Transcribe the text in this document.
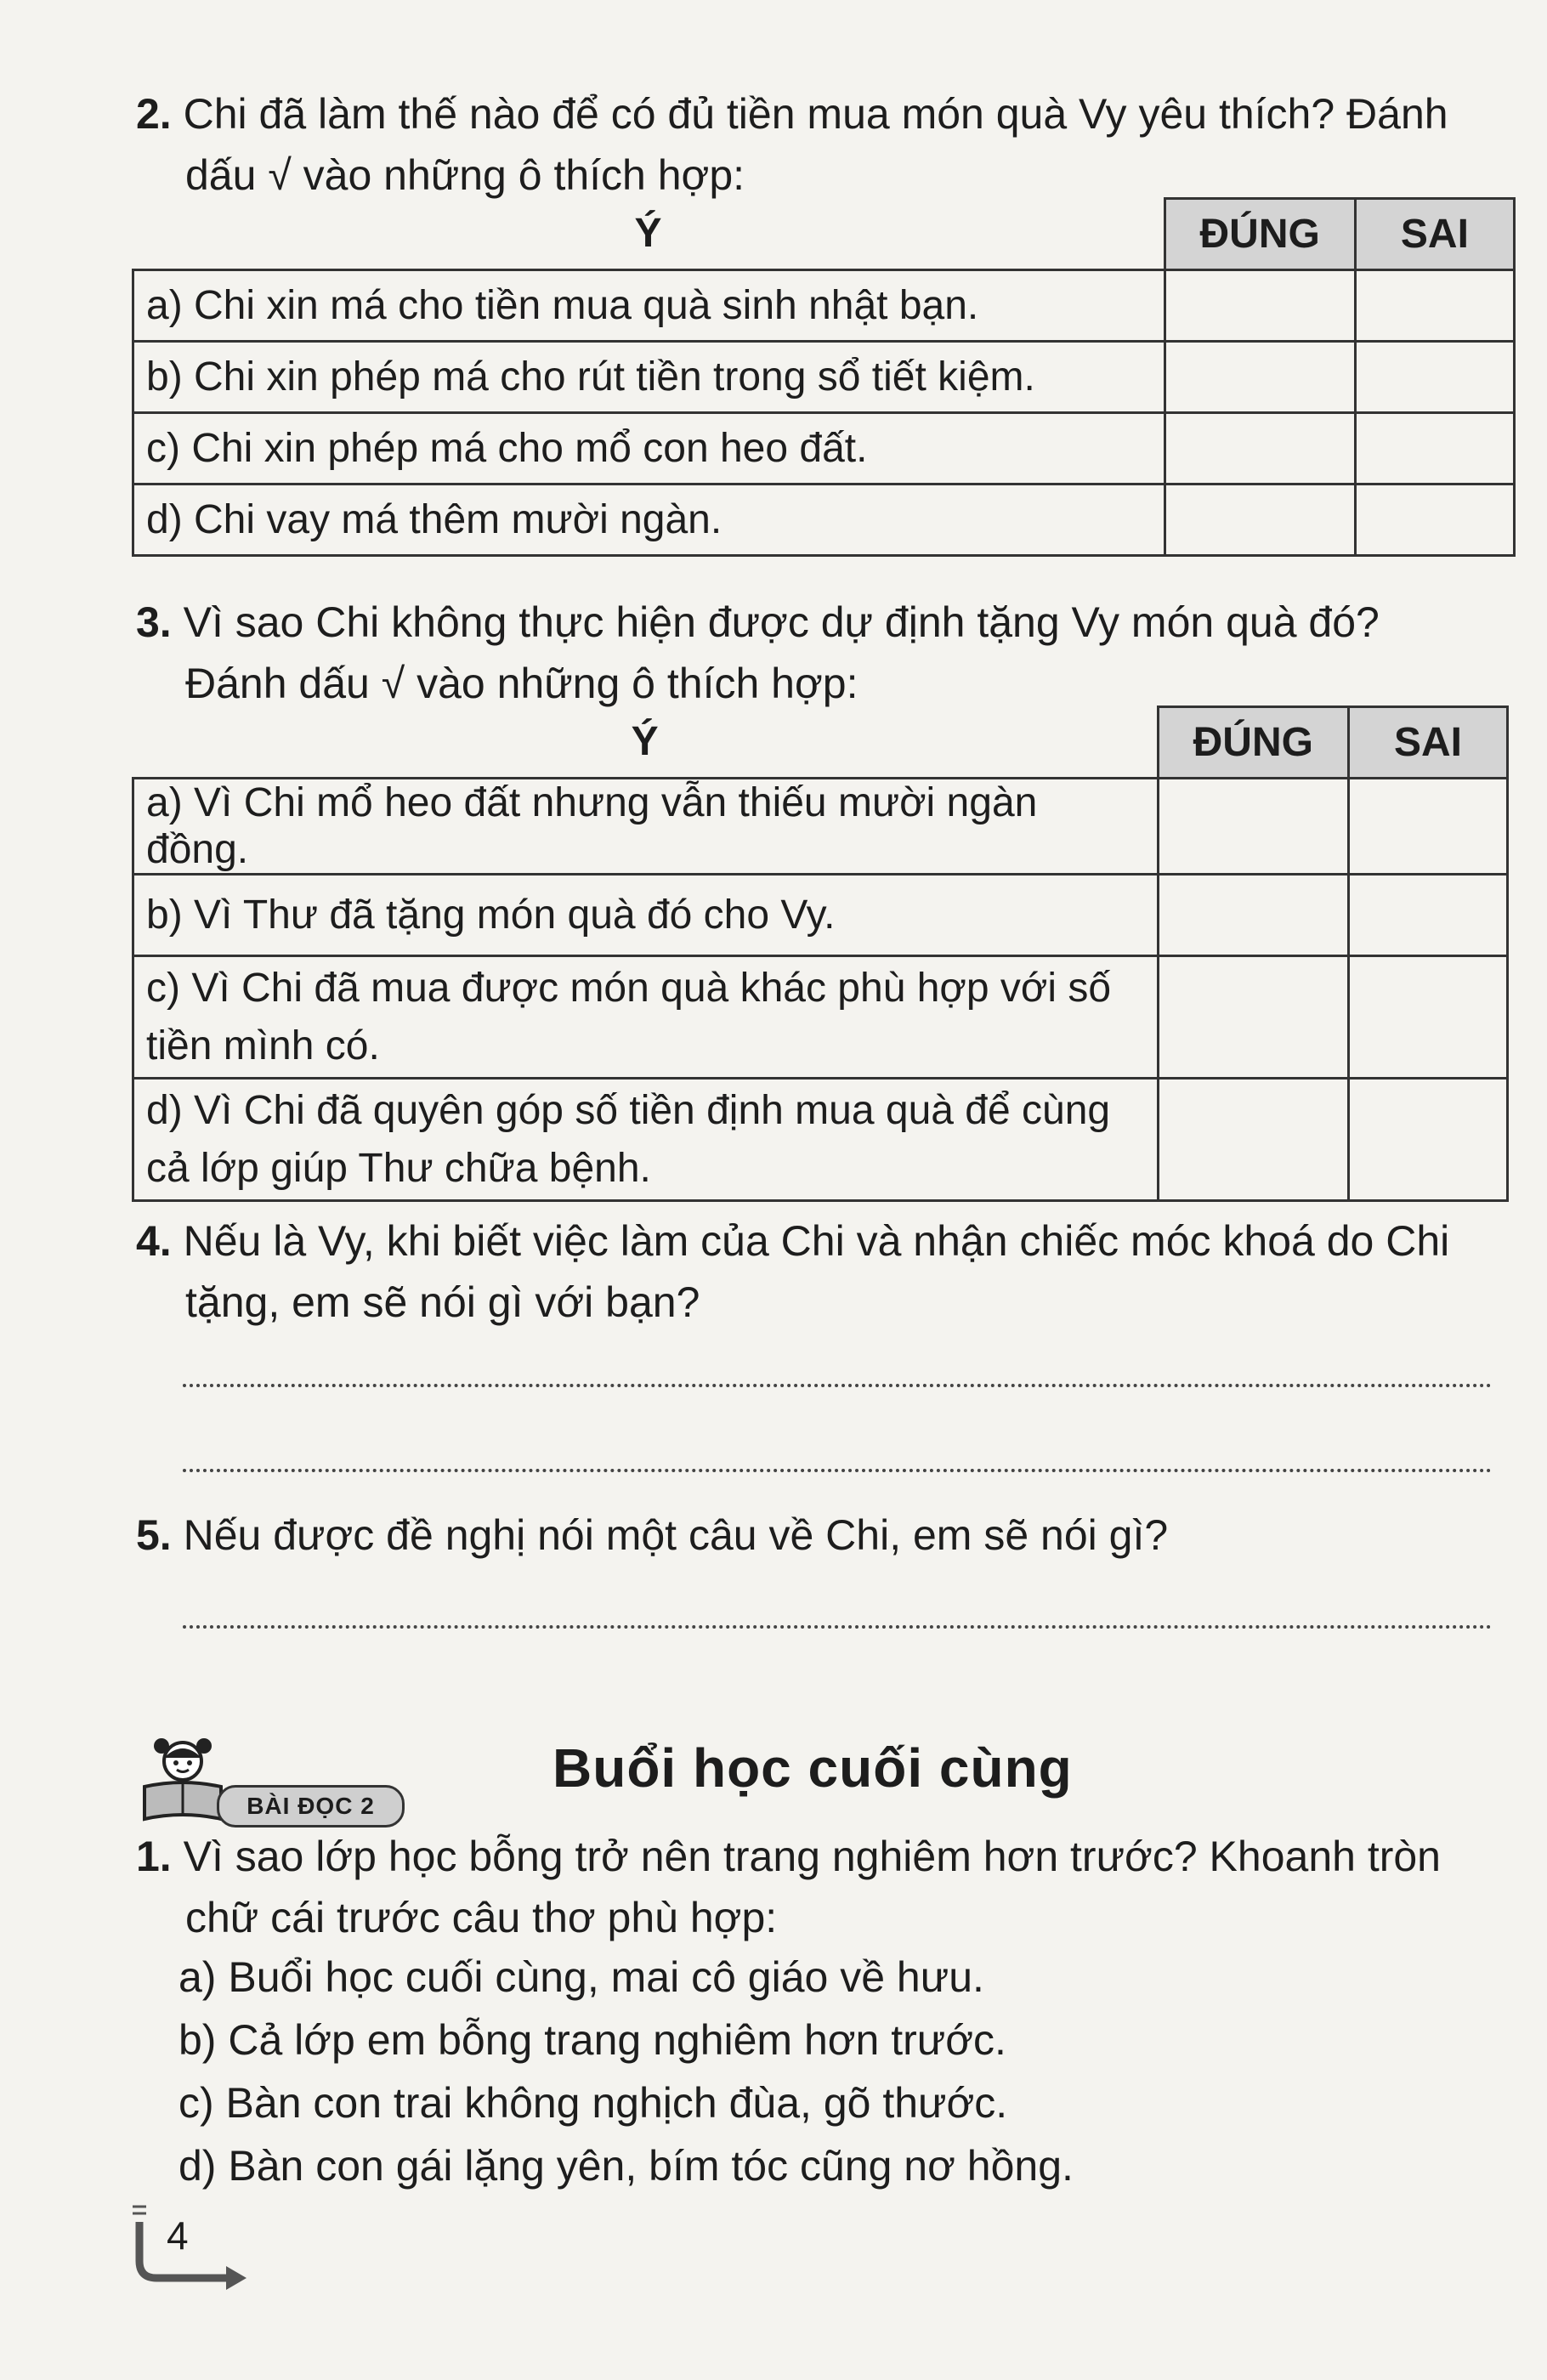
2. Chi đã làm thế nào để có đủ tiền mua món quà Vy yêu thích? Đánh
dấu √ vào những ô thích hợp:

Ý	ĐÚNG	SAI
a) Chi xin má cho tiền mua quà sinh nhật bạn.		
b) Chi xin phép má cho rút tiền trong sổ tiết kiệm.		
c) Chi xin phép má cho mổ con heo đất.		
d) Chi vay má thêm mười ngàn.		

3. Vì sao Chi không thực hiện được dự định tặng Vy món quà đó?
Đánh dấu √ vào những ô thích hợp:

Ý	ĐÚNG	SAI
a) Vì Chi mổ heo đất nhưng vẫn thiếu mười ngàn đồng.		
b) Vì Thư đã tặng món quà đó cho Vy.		
c) Vì Chi đã mua được món quà khác phù hợp với số
tiền mình có.		
d) Vì Chi đã quyên góp số tiền định mua quà để cùng
cả lớp giúp Thư chữa bệnh.		

4. Nếu là Vy, khi biết việc làm của Chi và nhận chiếc móc khoá do Chi
tặng, em sẽ nói gì với bạn?

5. Nếu được đề nghị nói một câu về Chi, em sẽ nói gì?

BÀI ĐỌC 2
Buổi học cuối cùng

1. Vì sao lớp học bỗng trở nên trang nghiêm hơn trước? Khoanh tròn
chữ cái trước câu thơ phù hợp:

a) Buổi học cuối cùng, mai cô giáo về hưu.

b) Cả lớp em bỗng trang nghiêm hơn trước.

c) Bàn con trai không nghịch đùa, gõ thước.

d) Bàn con gái lặng yên, bím tóc cũng nơ hồng.

4
